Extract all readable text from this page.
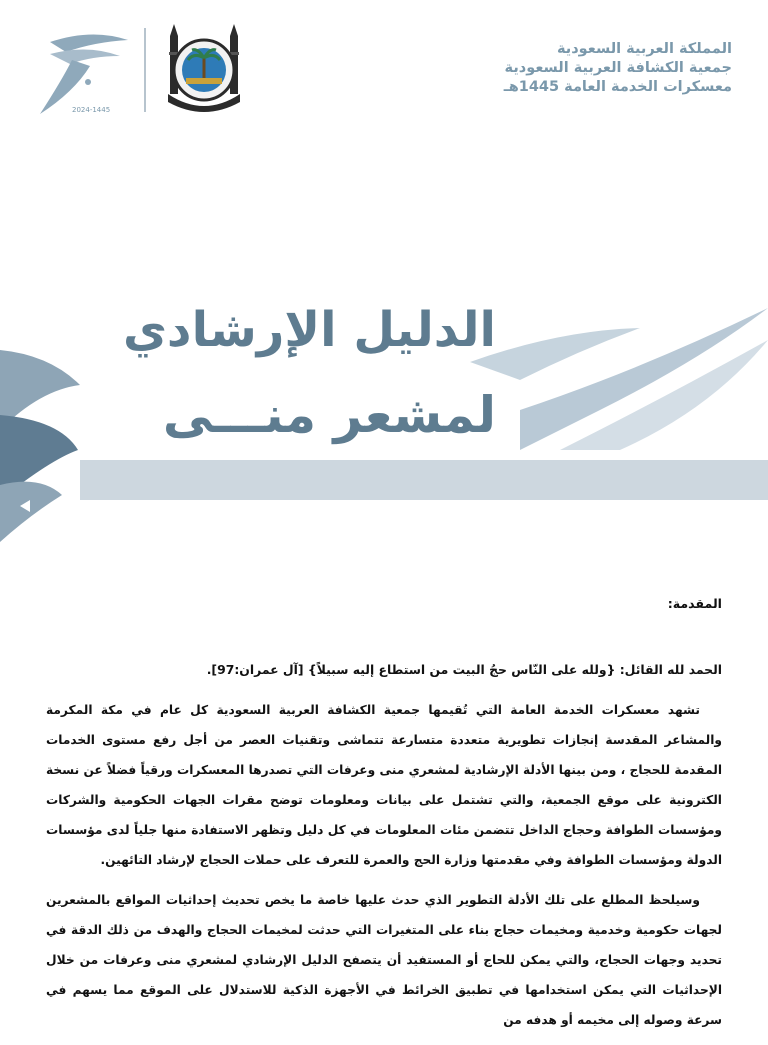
المملكة العربية السعودية
جمعية الكشافة العربية السعودية
معسكرات الخدمة العامة 1445هـ
2024-1445
الدليل الإرشادي
لمشعر منـــى
المقدمة:
الحمد لله القائل: {ولله على النّاس حجُ البيت من استطاع إليه سبيلاً} [آل عمران:97].
تشهد معسكرات الخدمة العامة التي تُقيمها جمعية الكشافة العربية السعودية كل عام في مكة المكرمة والمشاعر المقدسة إنجازات تطويرية متعددة متسارعة تتماشى وتقنيات العصر من أجل رفع مستوى الخدمات المقدمة للحجاج ، ومن بينها الأدلة الإرشادية لمشعري منى وعرفات التي تصدرها المعسكرات ورقياً فضلاً عن نسخة الكترونية على موقع الجمعية، والتي تشتمل على بيانات ومعلومات توضح مقرات الجهات الحكومية والشركات ومؤسسات الطوافة وحجاج الداخل تتضمن مئات المعلومات في كل دليل وتظهر الاستفادة منها جلياً لدى مؤسسات الدولة ومؤسسات الطوافة وفي مقدمتها وزارة الحج والعمرة للتعرف على حملات الحجاج لإرشاد التائهين.
وسيلحظ المطلع على تلك الأدلة التطوير الذي حدث عليها خاصة ما يخص تحديث إحداثيات المواقع بالمشعرين لجهات حكومية وخدمية ومخيمات حجاج بناء على المتغيرات التي حدثت لمخيمات الحجاج والهدف من ذلك الدقة في تحديد وجهات الحجاج، والتي يمكن للحاج أو المستفيد أن يتصفح الدليل الإرشادي لمشعري منى وعرفات من خلال الإحداثيات التي يمكن استخدامها في تطبيق الخرائط في الأجهزة الذكية للاستدلال على الموقع مما يسهم في سرعة وصوله إلى مخيمه أو هدفه من
